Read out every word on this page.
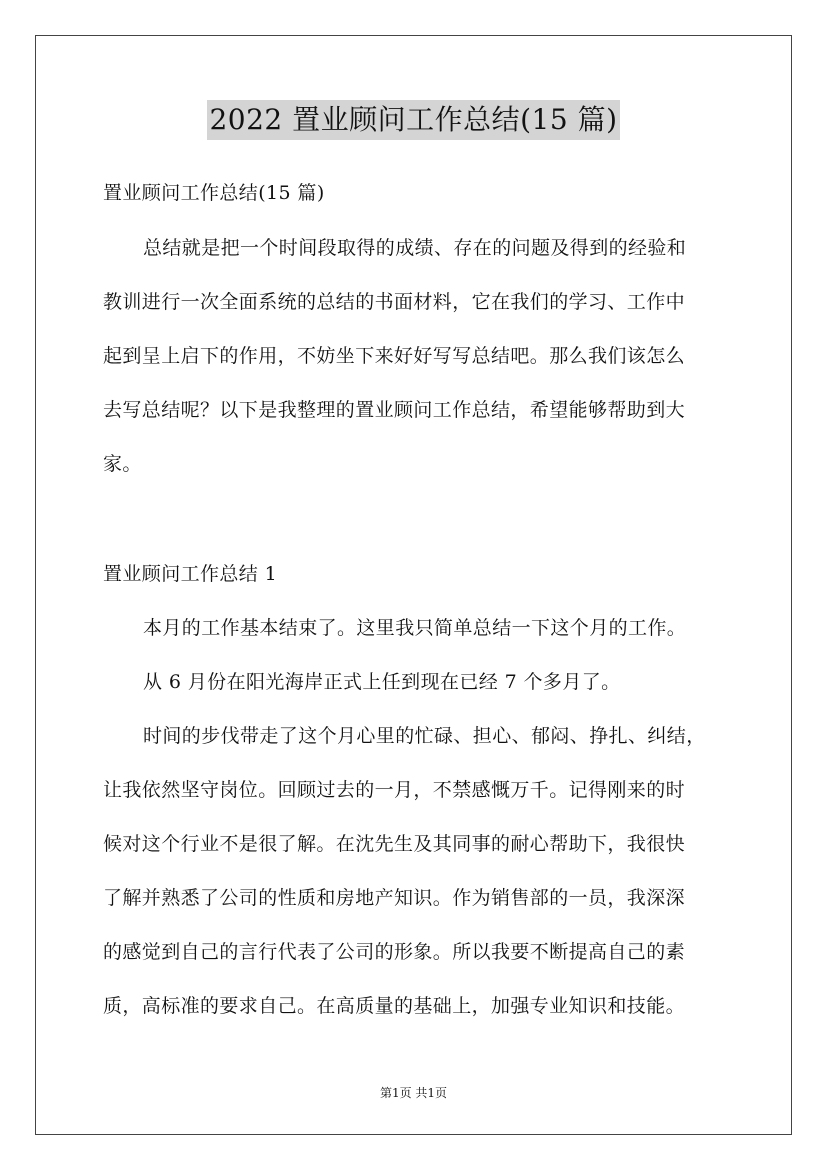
2022 置业顾问工作总结(15 篇)
置业顾问工作总结(15 篇)
总结就是把一个时间段取得的成绩、存在的问题及得到的经验和
教训进行一次全面系统的总结的书面材料，它在我们的学习、工作中
起到呈上启下的作用，不妨坐下来好好写写总结吧。那么我们该怎么
去写总结呢？以下是我整理的置业顾问工作总结，希望能够帮助到大
家。
置业顾问工作总结 1
本月的工作基本结束了。这里我只简单总结一下这个月的工作。
从 6 月份在阳光海岸正式上任到现在已经 7 个多月了。
时间的步伐带走了这个月心里的忙碌、担心、郁闷、挣扎、纠结，
让我依然坚守岗位。回顾过去的一月，不禁感慨万千。记得刚来的时
候对这个行业不是很了解。在沈先生及其同事的耐心帮助下，我很快
了解并熟悉了公司的性质和房地产知识。作为销售部的一员，我深深
的感觉到自己的言行代表了公司的形象。所以我要不断提高自己的素
质，高标准的要求自己。在高质量的基础上，加强专业知识和技能。
第1页 共1页
